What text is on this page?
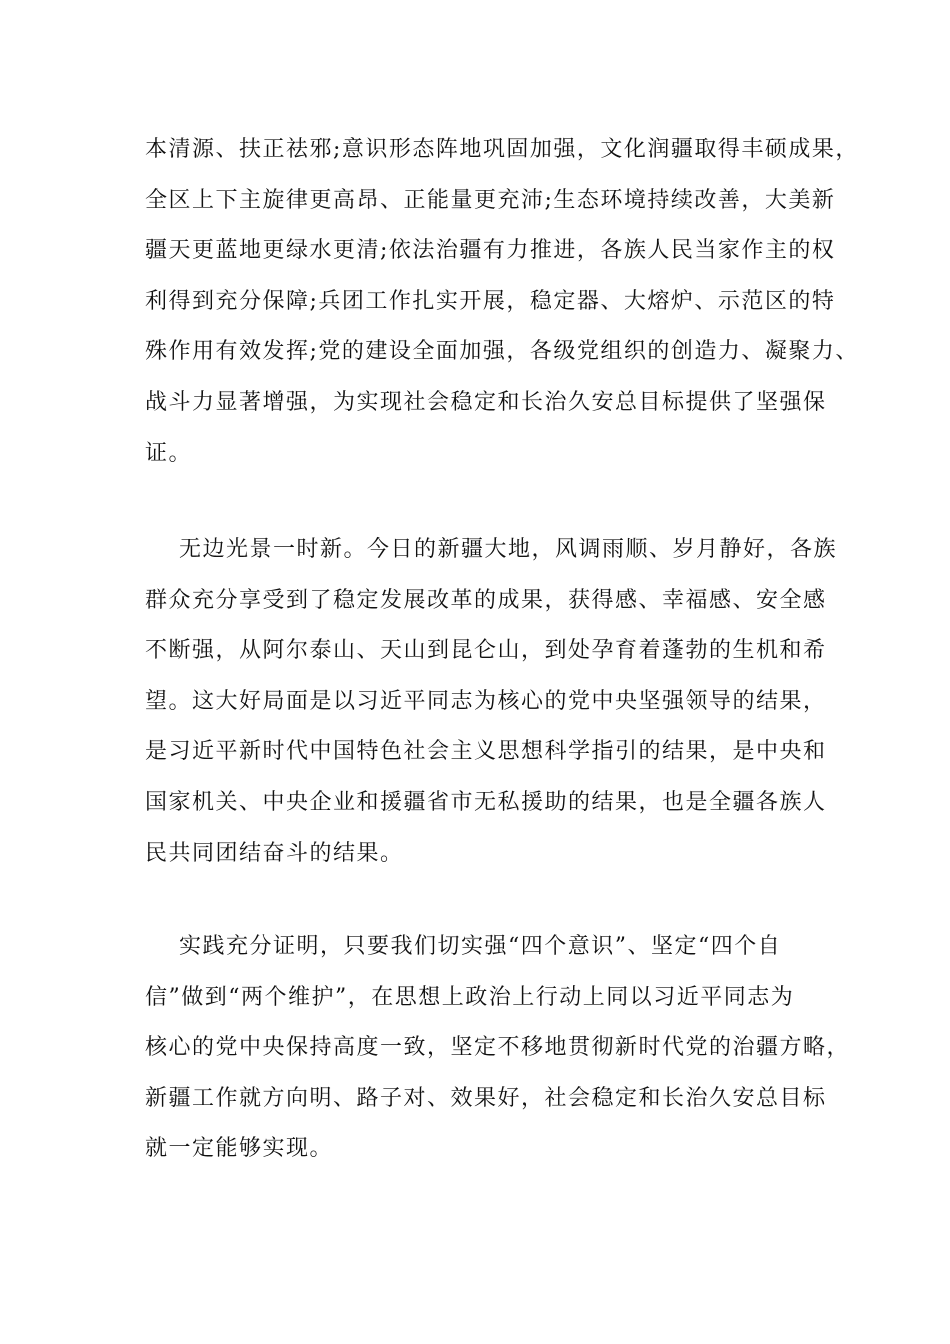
本清源、扶正祛邪;意识形态阵地巩固加强，文化润疆取得丰硕成果，
全区上下主旋律更高昂、正能量更充沛;生态环境持续改善，大美新
疆天更蓝地更绿水更清;依法治疆有力推进，各族人民当家作主的权
利得到充分保障;兵团工作扎实开展，稳定器、大熔炉、示范区的特
殊作用有效发挥;党的建设全面加强，各级党组织的创造力、凝聚力、
战斗力显著增强，为实现社会稳定和长治久安总目标提供了坚强保
证。
无边光景一时新。今日的新疆大地，风调雨顺、岁月静好，各族
群众充分享受到了稳定发展改革的成果，获得感、幸福感、安全感
不断强，从阿尔泰山、天山到昆仑山，到处孕育着蓬勃的生机和希
望。这大好局面是以习近平同志为核心的党中央坚强领导的结果，
是习近平新时代中国特色社会主义思想科学指引的结果，是中央和
国家机关、中央企业和援疆省市无私援助的结果，也是全疆各族人
民共同团结奋斗的结果。
实践充分证明，只要我们切实强“四个意识”、坚定“四个自
信”做到“两个维护”，在思想上政治上行动上同以习近平同志为
核心的党中央保持高度一致，坚定不移地贯彻新时代党的治疆方略，
新疆工作就方向明、路子对、效果好，社会稳定和长治久安总目标
就一定能够实现。
